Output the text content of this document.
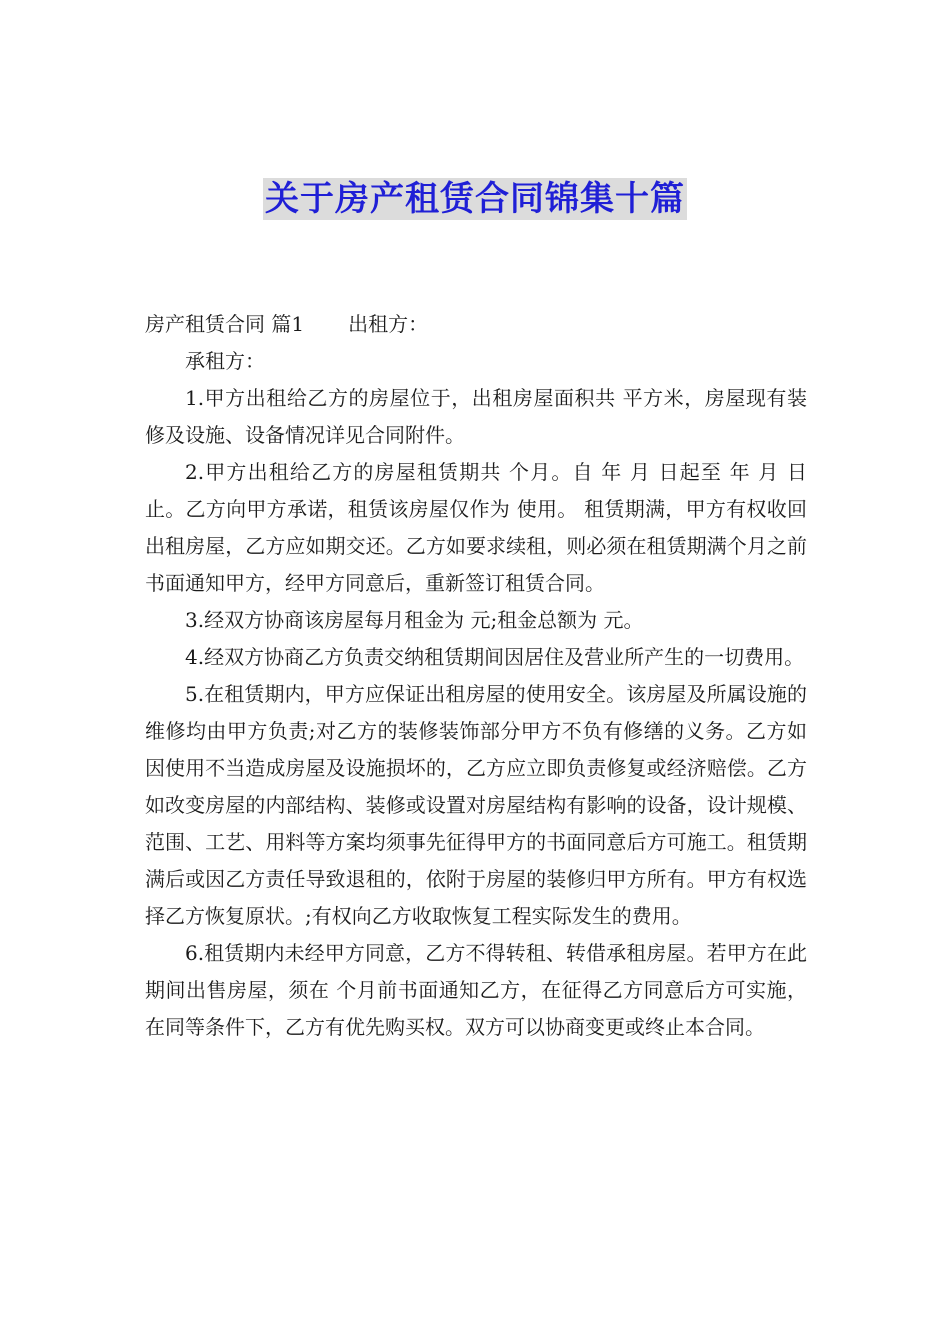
关于房产租赁合同锦集十篇

房产租赁合同 篇1 出租方：

承租方：

1.甲方出租给乙方的房屋位于，出租房屋面积共 平方米，房屋现有装修及设施、设备情况详见合同附件。

2.甲方出租给乙方的房屋租赁期共 个月。自 年 月 日起至 年 月 日止。乙方向甲方承诺，租赁该房屋仅作为 使用。 租赁期满，甲方有权收回出租房屋，乙方应如期交还。乙方如要求续租，则必须在租赁期满个月之前书面通知甲方，经甲方同意后，重新签订租赁合同。

3.经双方协商该房屋每月租金为 元;租金总额为 元。

4.经双方协商乙方负责交纳租赁期间因居住及营业所产生的一切费用。

5.在租赁期内，甲方应保证出租房屋的使用安全。该房屋及所属设施的维修均由甲方负责;对乙方的装修装饰部分甲方不负有修缮的义务。乙方如因使用不当造成房屋及设施损坏的，乙方应立即负责修复或经济赔偿。乙方如改变房屋的内部结构、装修或设置对房屋结构有影响的设备，设计规模、范围、工艺、用料等方案均须事先征得甲方的书面同意后方可施工。租赁期满后或因乙方责任导致退租的，依附于房屋的装修归甲方所有。甲方有权选择乙方恢复原状。;有权向乙方收取恢复工程实际发生的费用。

6.租赁期内未经甲方同意，乙方不得转租、转借承租房屋。若甲方在此期间出售房屋，须在 个月前书面通知乙方，在征得乙方同意后方可实施，在同等条件下，乙方有优先购买权。双方可以协商变更或终止本合同。
